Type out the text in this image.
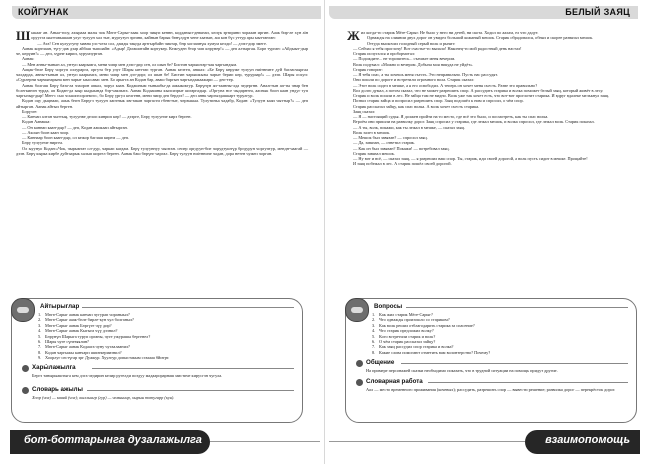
КОЙГУНАК

Шыкааг ан. Аныа-тооу, ахырааа малы чок Мөгө-Сарыг-ааак хоор чиңги кеннн, кодданып-девкнап, хөпүк эртиринп чорааан иргин. Ааак бир-ле хүн аїн оруугга ыыттавышаан улуг тулуун хал тыт, мургузун эргинп, кайнын барык бөнүлдүн чене хаатын, аш кон бүс уттур ары ыыттанган:

— Ата! Сен кулуугуну мавна улс-чеза сол, дамды таңгда артгырбайн чиктар, бнр хоглапнүы хумум келди! — дээп-дир эмеге.

Аанак кортпаан, түгу-дав дэар айбаш тыпшайн: «Адыр! Дагашитайн кортукер. Кежгуден бтор чип көрүнер!» — деп алтыргая. Борө турган: «Айдыыт-дыр че, көрүин!» — деп, хүрне кирип, хурумзуртан.

Аанак:

— Мен анны-тынын ал, унтуп каарымга, мени чипр мен дээп-дир сен, ол шын бе? Бистин чарыштар-чая чаргындым.

Аацак-бөле Бөрү чоргуп оллурарга, оргута бтр улуг Шары ынттап турган. Аанак келтеп, аншах: «Бе Бөрү кнруже тулуун ниітнните дуй багласчыргаа чалдарда, авны-тынын ал, унтуп каарымга, мени чипр мен дээ-дирг, ол шын бе! Бистин чарышкызы чарыт берип көр, турураар!» — дээп. Шары оскуп: «Сүрлерни чарчынарына мен чарыт ыыссавас мен. Бо арыгта ан Кодан бар, аваш баргын чаргыздажаажари — деп-тер.

Аанак болгаш Бөрү база-ла чзаорон апкал, чорул каан. Кодашным тыныабы-да аакыкоктур. Бөрүнүн ап-таанны-лда чедергнн. Аналгтын ап-ты чнар бен бслегкинэн турда, ап Кодан-да ыыр кыдыында бэр-чакпыта. Аанак Кодаашны кыпсиэрыт кигаргадыр. «Оргуна нсе чыдарнтеа, ааснык боон каан ундуг туп чаргызыр-дыр! Мен-с сыо чсьшктоорлемгос, бо Бөрү үргул келгенн, мени чипр деп бердээ! — деп аннк чаргыздашкарт турулгур.

Кодан оцу дыцнаап, ааыь бнгн Бөрүгэ тулуун хаптнык хвгтакан чаргасти гбенгтыт, чөрзыкыа. Тулутиньа чадабр, Кодан: «Тулуун каап чыттыр?» — деп айтырган. Аанак айтып берген.

Борүзге:

— Канчап алтан чыттың, тулуунве делоп кинрип көр! — дээрге, Бөрү тулуунче кирэ берген.

Кодан Аанакка:

— Он каннап каан-дыр? — деп, Кодан аашкаап айтырган.

— Аксын боон каан чоор.

— Каннаар боон каан-дыр, ол кежор баглаш кирем — деп.

Бөрү тулуунче ниргеа.

Ол ыуунуо Кодан:«Чок, чырымтат ол-дур, чаркап кагдам. Бөрү тулууннуу чыптан. сепер оргдуун-бпе чорудтуштүр бргдурун чоргуптур, мендн-чаагай — дээн. Бөрү кырка кирбе дуйтаарык халып киргел берген. Аанак баш бөрүнг чаргал. Бөрү тулуун ниітнниче чадан, дора нетен чужеп чорган.

Айтырыглар
1. Мөгө-Сарыг аанак канчап чугурап чораныыл?
2. Мөгө-Сарыг ааак-бөле бирле-кун чул болганыл?
3. Мөгө-Сарыг аанак Бөргүге чүү дир?
4. Мөгө-Сарыг аанак Кыгыга чүү дээнил?
5. Бөрүнүн Шарыга туруп органы, чуге ужурашы бергенел?
6. Шары чуге сүнезяялин?
7. Мөгө-Сарыг аанак Кодаага чуну чугаалаанил?
8. Кодан чаргыжы канчарп шииткериизнил?
9. Хоорлуг сөстүгар эрг Дужкур. Хуулгур допыстакым сэзаааа бйитрт.
Хары́лажылга
Бергэ танырыаштыга кем дэга чедирин келир ругелди поздуу мадаарорарнаш мистиче кирусгэн чугула.
Словарь ажылы
Хоор (чох) — кавяй (чох); кыллыагр (гур) — чемнниир, хырын тотугарр (кун).
бот-боттарынга дузалажылга
БЕЛЫЙ ЗАЯЦ

Жил когда-то старик Мёге-Сарыг. Не было у него ни детей, ни скота. Ходил по аалам, ел что дадут.

Однажды на слиянии двух дорог он увидел большой кожаный мешок. Старик обрадовался, обнял и скорее развязал мешок.

Оттуда выскочил голодный серый волк и рычит:

— Сейчас я тебя проглочу! Вот счастье-то выпало! Наконец-то мой радостный день настал!

Старик испугался и пробормотал:

— Подождите... не торопитесь... съешьте меня вечером.

Волк подумал: «Можно и вечером. Добыча моя никуда не уйдёт».

Старик говорит:

— Я тебя спас, а ты хочешь меня съесть. Это неправильно. Пусть нас рассудят.

Они пошли по дороге и встретили огромного вола. Старик сказал:

— Этот волк сидел в мешке, а я его освободил. А теперь он хочет меня съесть. Разве это правильно?

Вол долго думал, а потом сказал, что не может разрешить спор. А рассудить старика и волка поможет белый заяц, который живёт в лесу.

Старик и волк пошли в лес. Не зайца там не видно. Волк уже так хочет есть, что вот-вот проглотит старика. И вдруг вдалеке мелькнул заяц.

Позвал старик зайца и попросил разрешить спор. Заяц подошёл к ним и спросил, о чём спор.

Старик рассказал зайцу, как спас волка. А волк хочет съесть старика.

Заяц сказал:

— Я — настоящий судья. Я должен пройти на то место, где всё это было, и посмотреть, как ты спас волка.

Втроём они пришли на развилку дорог. Заяц спросил у старика, где лежал мешок, и волка спросил, где лежал волк. Старик показал.

— А ты, волк, покажи, как ты лежал в мешке, — сказал заяц.

Волк залез в мешок.

— Мешок был завязан? — спросил заяц.

— Да, завязан, — ответил старик.

— Как он был завязан? Покажи! — потребовал заяц.

Старик завязал мешок.

— Ну вот и всё, — сказал заяц, — я разрешил ваш спор. Ты, старик, иди своей дорогой, а волк пусть сидит в мешке. Прощайте!

И заяц побежал в лес. А старик пошёл своей дорогой.

Вопросы
1. Как жил старик Мёге-Сарыг?
2. Что однажды произошло со стариком?
3. Как волк решил отблагодарить старика за спасение?
4. Что старик предложил волку?
5. Кого встретили старик и волк?
6. О чём старик рассказал зайцу?
7. Как заяц рассудил спор старика и волка?
8. Какие слова помогают отметить вам волонтерство? Почему?
Общение
На примере персонажей сказки необходимо показать, что в трудной ситуации на помощь придут другие.
Словарная работа
Аал — место временного проживания (кочевых); рассудить, разрешить спор — вывести решение; развилка дорог — перекрёсток дорог.
взаимопомощь
